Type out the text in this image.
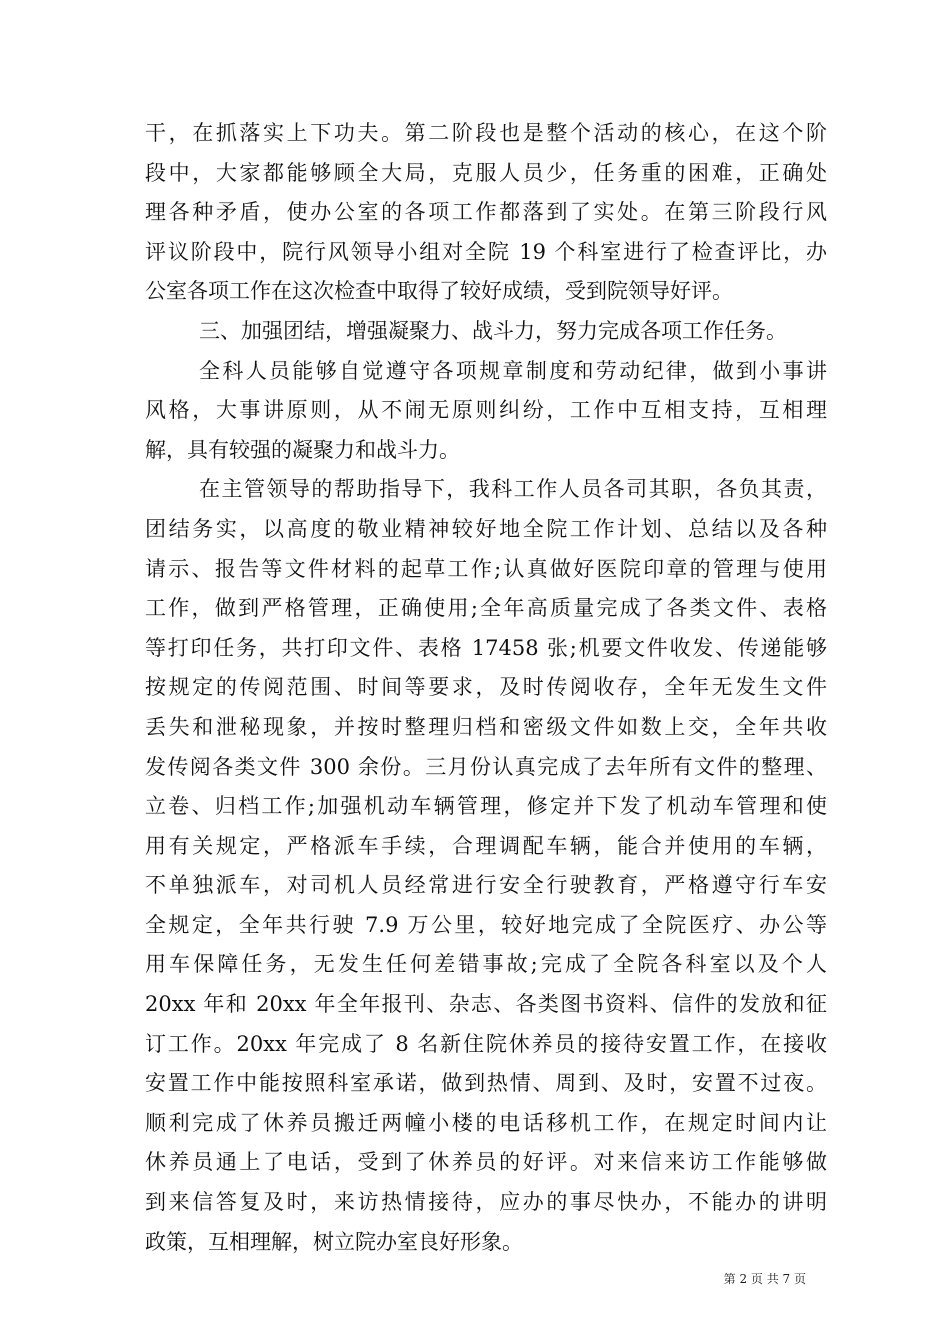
干，在抓落实上下功夫。第二阶段也是整个活动的核心，在这个阶
段中，大家都能够顾全大局，克服人员少，任务重的困难，正确处
理各种矛盾，使办公室的各项工作都落到了实处。在第三阶段行风
评议阶段中，院行风领导小组对全院 19 个科室进行了检查评比，办
公室各项工作在这次检查中取得了较好成绩，受到院领导好评。
三、加强团结，增强凝聚力、战斗力，努力完成各项工作任务。
全科人员能够自觉遵守各项规章制度和劳动纪律，做到小事讲
风格，大事讲原则，从不闹无原则纠纷，工作中互相支持，互相理
解，具有较强的凝聚力和战斗力。
在主管领导的帮助指导下，我科工作人员各司其职，各负其责，
团结务实，以高度的敬业精神较好地全院工作计划、总结以及各种
请示、报告等文件材料的起草工作;认真做好医院印章的管理与使用
工作，做到严格管理，正确使用;全年高质量完成了各类文件、表格
等打印任务，共打印文件、表格 17458 张;机要文件收发、传递能够
按规定的传阅范围、时间等要求，及时传阅收存，全年无发生文件
丢失和泄秘现象，并按时整理归档和密级文件如数上交，全年共收
发传阅各类文件 300 余份。三月份认真完成了去年所有文件的整理、
立卷、归档工作;加强机动车辆管理，修定并下发了机动车管理和使
用有关规定，严格派车手续，合理调配车辆，能合并使用的车辆，
不单独派车，对司机人员经常进行安全行驶教育，严格遵守行车安
全规定，全年共行驶 7.9 万公里，较好地完成了全院医疗、办公等
用车保障任务，无发生任何差错事故;完成了全院各科室以及个人
20xx 年和 20xx 年全年报刊、杂志、各类图书资料、信件的发放和征
订工作。20xx 年完成了 8 名新住院休养员的接待安置工作，在接收
安置工作中能按照科室承诺，做到热情、周到、及时，安置不过夜。
顺利完成了休养员搬迁两幢小楼的电话移机工作，在规定时间内让
休养员通上了电话，受到了休养员的好评。对来信来访工作能够做
到来信答复及时，来访热情接待，应办的事尽快办，不能办的讲明
政策，互相理解，树立院办室良好形象。
第 2 页 共 7 页
